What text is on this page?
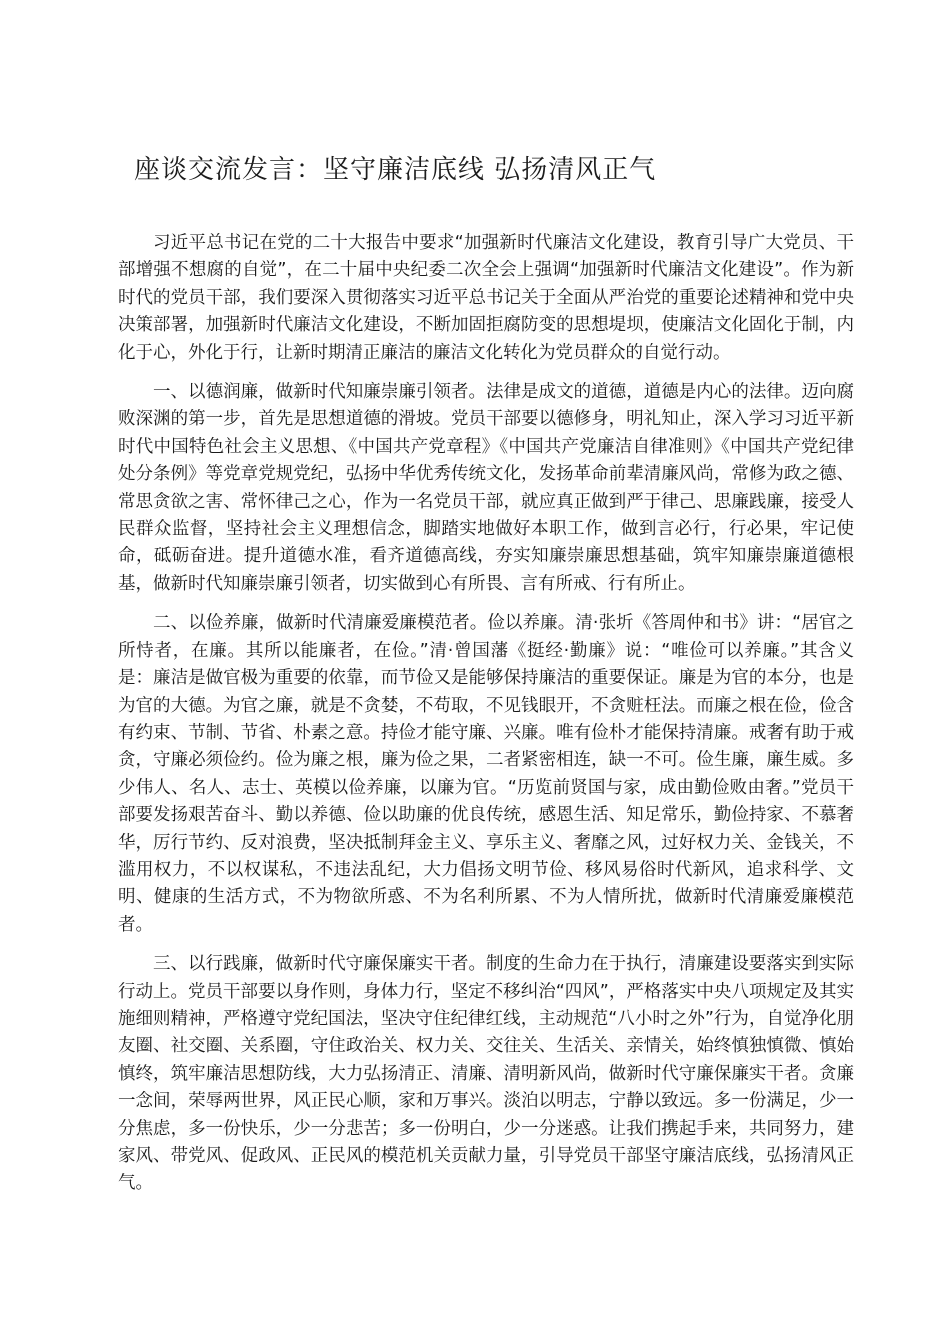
座谈交流发言：坚守廉洁底线 弘扬清风正气

习近平总书记在党的二十大报告中要求“加强新时代廉洁文化建设，教育引导广大党员、干部增强不想腐的自觉”，在二十届中央纪委二次全会上强调“加强新时代廉洁文化建设”。作为新时代的党员干部，我们要深入贯彻落实习近平总书记关于全面从严治党的重要论述精神和党中央决策部署，加强新时代廉洁文化建设，不断加固拒腐防变的思想堤坝，使廉洁文化固化于制，内化于心，外化于行，让新时期清正廉洁的廉洁文化转化为党员群众的自觉行动。

一、以德润廉，做新时代知廉崇廉引领者。法律是成文的道德，道德是内心的法律。迈向腐败深渊的第一步，首先是思想道德的滑坡。党员干部要以德修身，明礼知止，深入学习习近平新时代中国特色社会主义思想、《中国共产党章程》《中国共产党廉洁自律准则》《中国共产党纪律处分条例》等党章党规党纪，弘扬中华优秀传统文化，发扬革命前辈清廉风尚，常修为政之德、常思贪欲之害、常怀律己之心，作为一名党员干部，就应真正做到严于律己、思廉践廉，接受人民群众监督，坚持社会主义理想信念，脚踏实地做好本职工作，做到言必行，行必果，牢记使命，砥砺奋进。提升道德水准，看齐道德高线，夯实知廉崇廉思想基础，筑牢知廉崇廉道德根基，做新时代知廉崇廉引领者，切实做到心有所畏、言有所戒、行有所止。

二、以俭养廉，做新时代清廉爱廉模范者。俭以养廉。清·张圻《答周仲和书》讲：“居官之所恃者，在廉。其所以能廉者，在俭。”清·曾国藩《挺经·勤廉》说：“唯俭可以养廉。”其含义是：廉洁是做官极为重要的依靠，而节俭又是能够保持廉洁的重要保证。廉是为官的本分，也是为官的大德。为官之廉，就是不贪婪，不苟取，不见钱眼开，不贪赃枉法。而廉之根在俭，俭含有约束、节制、节省、朴素之意。持俭才能守廉、兴廉。唯有俭朴才能保持清廉。戒奢有助于戒贪，守廉必须俭约。俭为廉之根，廉为俭之果，二者紧密相连，缺一不可。俭生廉，廉生威。多少伟人、名人、志士、英模以俭养廉，以廉为官。“历览前贤国与家，成由勤俭败由奢。”党员干部要发扬艰苦奋斗、勤以养德、俭以助廉的优良传统，感恩生活、知足常乐，勤俭持家、不慕奢华，厉行节约、反对浪费，坚决抵制拜金主义、享乐主义、奢靡之风，过好权力关、金钱关，不滥用权力，不以权谋私，不违法乱纪，大力倡扬文明节俭、移风易俗时代新风，追求科学、文明、健康的生活方式，不为物欲所惑、不为名利所累、不为人情所扰，做新时代清廉爱廉模范者。

三、以行践廉，做新时代守廉保廉实干者。制度的生命力在于执行，清廉建设要落实到实际行动上。党员干部要以身作则，身体力行，坚定不移纠治“四风”，严格落实中央八项规定及其实施细则精神，严格遵守党纪国法，坚决守住纪律红线，主动规范“八小时之外”行为，自觉净化朋友圈、社交圈、关系圈，守住政治关、权力关、交往关、生活关、亲情关，始终慎独慎微、慎始慎终，筑牢廉洁思想防线，大力弘扬清正、清廉、清明新风尚，做新时代守廉保廉实干者。贪廉一念间，荣辱两世界，风正民心顺，家和万事兴。淡泊以明志，宁静以致远。多一份满足，少一分焦虑，多一份快乐，少一分悲苦；多一份明白，少一分迷惑。让我们携起手来，共同努力，建家风、带党风、促政风、正民风的模范机关贡献力量，引导党员干部坚守廉洁底线，弘扬清风正气。
